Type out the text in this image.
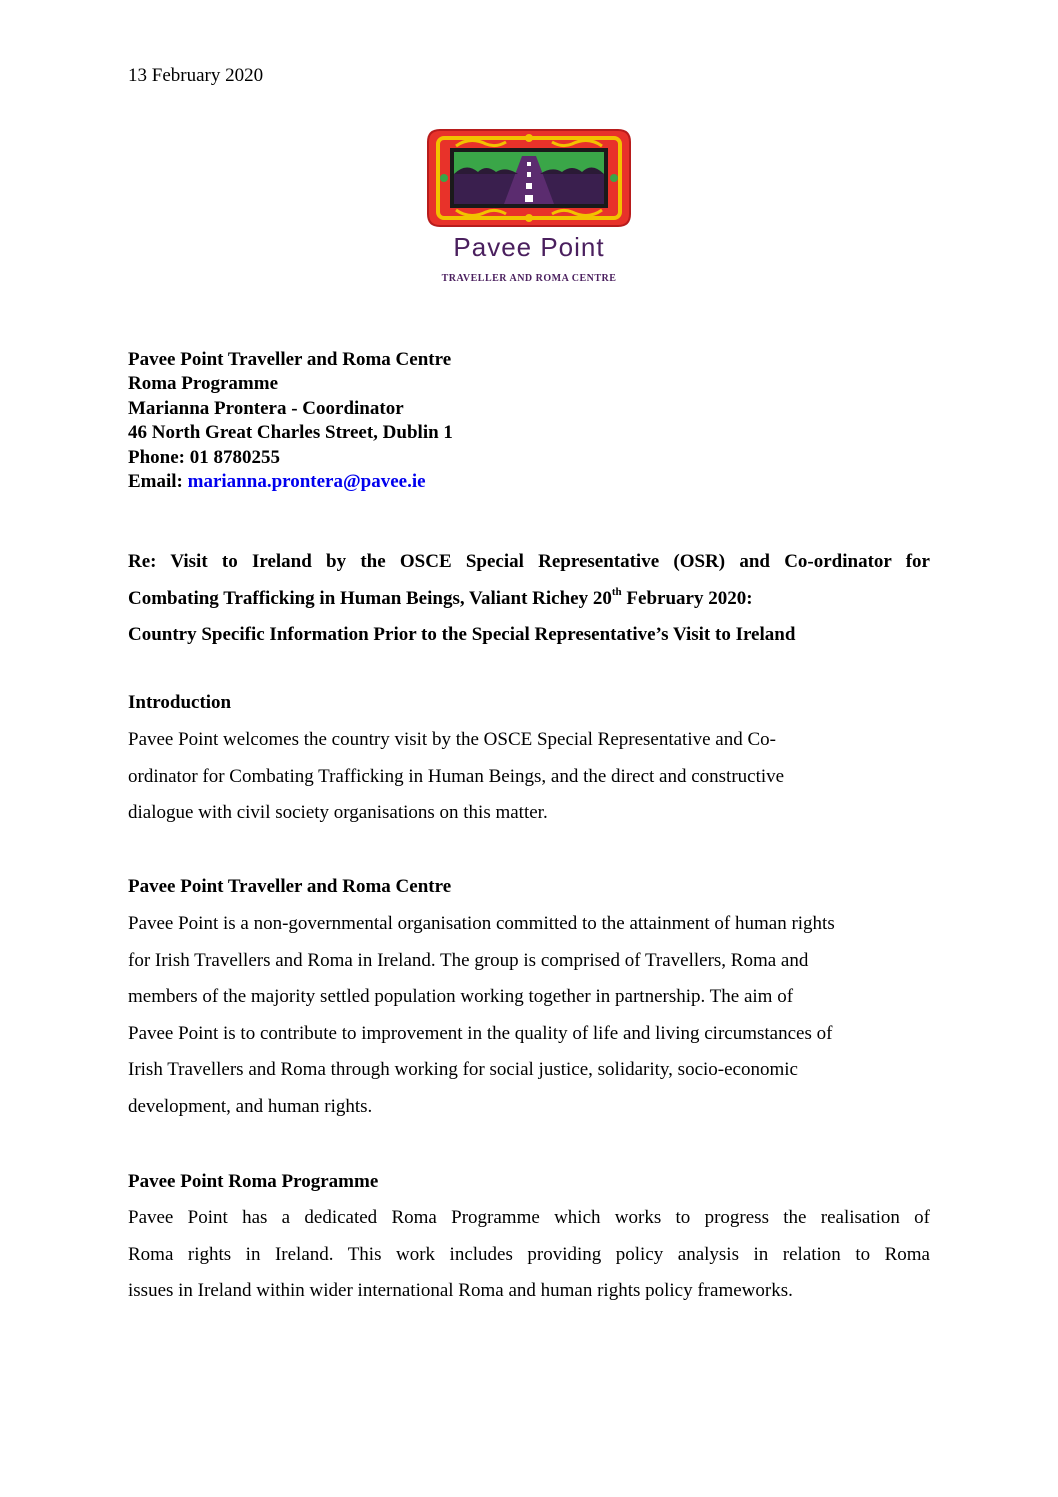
13 February 2020
Pavee Point
TRAVELLER AND ROMA CENTRE
Pavee Point Traveller and Roma Centre
Roma Programme
Marianna Prontera - Coordinator
46 North Great Charles Street, Dublin 1
Phone: 01 8780255
Email: marianna.prontera@pavee.ie
Re: Visit to Ireland by the OSCE Special Representative (OSR) and Co-ordinator for
Combating Trafficking in Human Beings, Valiant Richey 20th February 2020:
Country Specific Information Prior to the Special Representative’s Visit to Ireland
Introduction
Pavee Point welcomes the country visit by the OSCE Special Representative and Co-
ordinator for Combating Trafficking in Human Beings, and the direct and constructive
dialogue with civil society organisations on this matter.
Pavee Point Traveller and Roma Centre
Pavee Point is a non-governmental organisation committed to the attainment of human rights
for Irish Travellers and Roma in Ireland. The group is comprised of Travellers, Roma and
members of the majority settled population working together in partnership. The aim of
Pavee Point is to contribute to improvement in the quality of life and living circumstances of
Irish Travellers and Roma through working for social justice, solidarity, socio-economic
development, and human rights.
Pavee Point Roma Programme
Pavee Point has a dedicated Roma Programme which works to progress the realisation of
Roma rights in Ireland. This work includes providing policy analysis in relation to Roma
issues in Ireland within wider international Roma and human rights policy frameworks.
